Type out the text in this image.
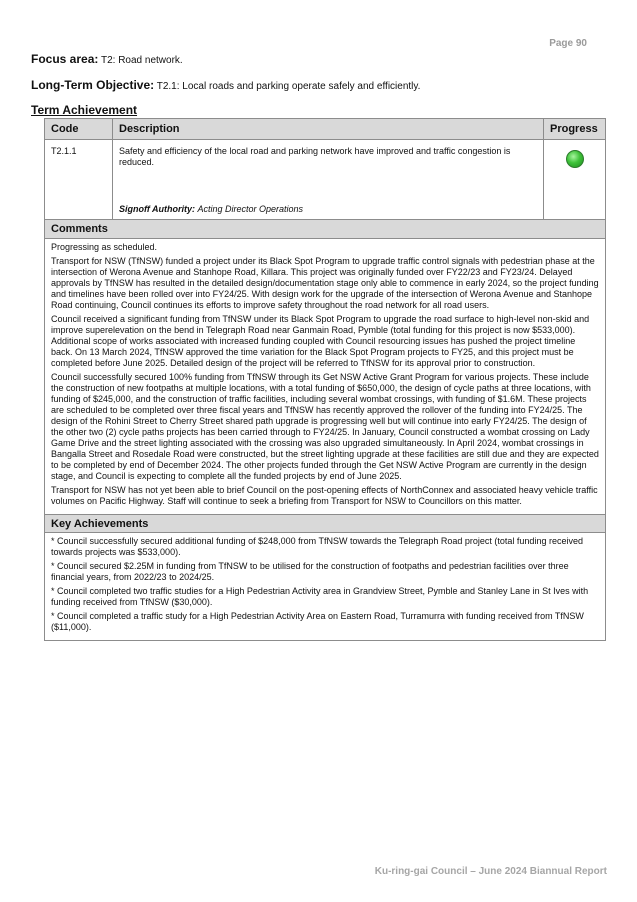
Page 90
Focus area: T2: Road network.
Long-Term Objective: T2.1: Local roads and parking operate safely and efficiently.
Term Achievement
Code	Description	Progress
T2.1.1	Safety and efficiency of the local road and parking network have improved and traffic congestion is reduced.
Signoff Authority: Acting Director Operations
Comments

Progressing as scheduled.

Transport for NSW (TfNSW) funded a project under its Black Spot Program to upgrade traffic control signals with pedestrian phase at the intersection of Werona Avenue and Stanhope Road, Killara. This project was originally funded over FY22/23 and FY23/24. Delayed approvals by TfNSW has resulted in the detailed design/documentation stage only able to commence in early 2024, so the project funding and timelines have been rolled over into FY24/25. With design work for the upgrade of the intersection of Werona Avenue and Stanhope Road continuing, Council continues its efforts to improve safety throughout the road network for all road users.

Council received a significant funding from TfNSW under its Black Spot Program to upgrade the road surface to high-level non-skid and improve superelevation on the bend in Telegraph Road near Ganmain Road, Pymble (total funding for this project is now $533,000). Additional scope of works associated with increased funding coupled with Council resourcing issues has pushed the project timeline back. On 13 March 2024, TfNSW approved the time variation for the Black Spot Program projects to FY25, and this project must be completed before June 2025. Detailed design of the project will be referred to TfNSW for its approval prior to construction.

Council successfully secured 100% funding from TfNSW through its Get NSW Active Grant Program for various projects. These include the construction of new footpaths at multiple locations, with a total funding of $650,000, the design of cycle paths at three locations, with funding of $245,000, and the construction of traffic facilities, including several wombat crossings, with funding of $1.6M. These projects are scheduled to be completed over three fiscal years and TfNSW has recently approved the rollover of the funding into FY24/25. The design of the Rohini Street to Cherry Street shared path upgrade is progressing well but will continue into early FY24/25. The design of the other two (2) cycle paths projects has been carried through to FY24/25. In January, Council constructed a wombat crossing on Lady Game Drive and the street lighting associated with the crossing was also upgraded simultaneously. In April 2024, wombat crossings in Bangalla Street and Rosedale Road were constructed, but the street lighting upgrade at these facilities are still due and they are expected to be completed by end of December 2024. The other projects funded through the Get NSW Active Program are currently in the design stage, and Council is expecting to complete all the funded projects by end of June 2025.

Transport for NSW has not yet been able to brief Council on the post-opening effects of NorthConnex and associated heavy vehicle traffic volumes on Pacific Highway. Staff will continue to seek a briefing from Transport for NSW to Councillors on this matter.

Key Achievements

* Council successfully secured additional funding of $248,000 from TfNSW towards the Telegraph Road project (total funding received towards projects was $533,000).

* Council secured $2.25M in funding from TfNSW to be utilised for the construction of footpaths and pedestrian facilities over three financial years, from 2022/23 to 2024/25.

* Council completed two traffic studies for a High Pedestrian Activity area in Grandview Street, Pymble and Stanley Lane in St Ives with funding received from TfNSW ($30,000).

* Council completed a traffic study for a High Pedestrian Activity Area on Eastern Road, Turramurra with funding received from TfNSW ($11,000).

Ku-ring-gai Council – June 2024 Biannual Report
